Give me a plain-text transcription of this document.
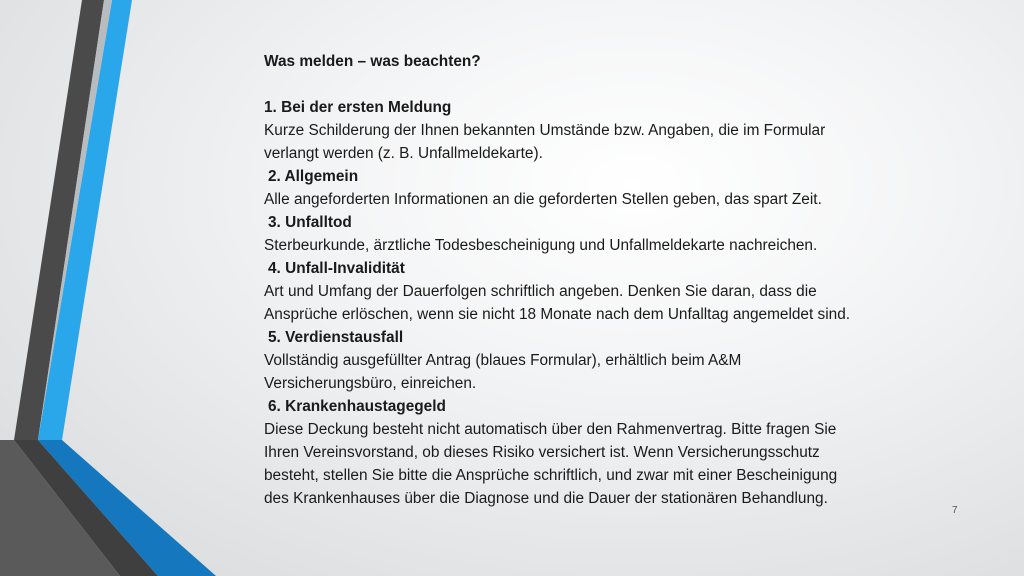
Was melden – was beachten?
1. Bei der ersten Meldung
Kurze Schilderung der Ihnen bekannten Umstände bzw. Angaben, die im Formular
verlangt werden (z. B. Unfallmeldekarte).
2. Allgemein
Alle angeforderten Informationen an die geforderten Stellen geben, das spart Zeit.
3. Unfalltod
Sterbeurkunde, ärztliche Todesbescheinigung und Unfallmeldekarte nachreichen.
4. Unfall-Invalidität
Art und Umfang der Dauerfolgen schriftlich angeben. Denken Sie daran, dass die
Ansprüche erlöschen, wenn sie nicht 18 Monate nach dem Unfalltag angemeldet sind.
5. Verdienstausfall
Vollständig ausgefüllter Antrag (blaues Formular), erhältlich beim A&M
Versicherungsbüro, einreichen.
6. Krankenhaustagegeld
Diese Deckung besteht nicht automatisch über den Rahmenvertrag. Bitte fragen Sie
Ihren Vereinsvorstand, ob dieses Risiko versichert ist. Wenn Versicherungsschutz
besteht, stellen Sie bitte die Ansprüche schriftlich, und zwar mit einer Bescheinigung
des Krankenhauses über die Diagnose und die Dauer der stationären Behandlung.
7
